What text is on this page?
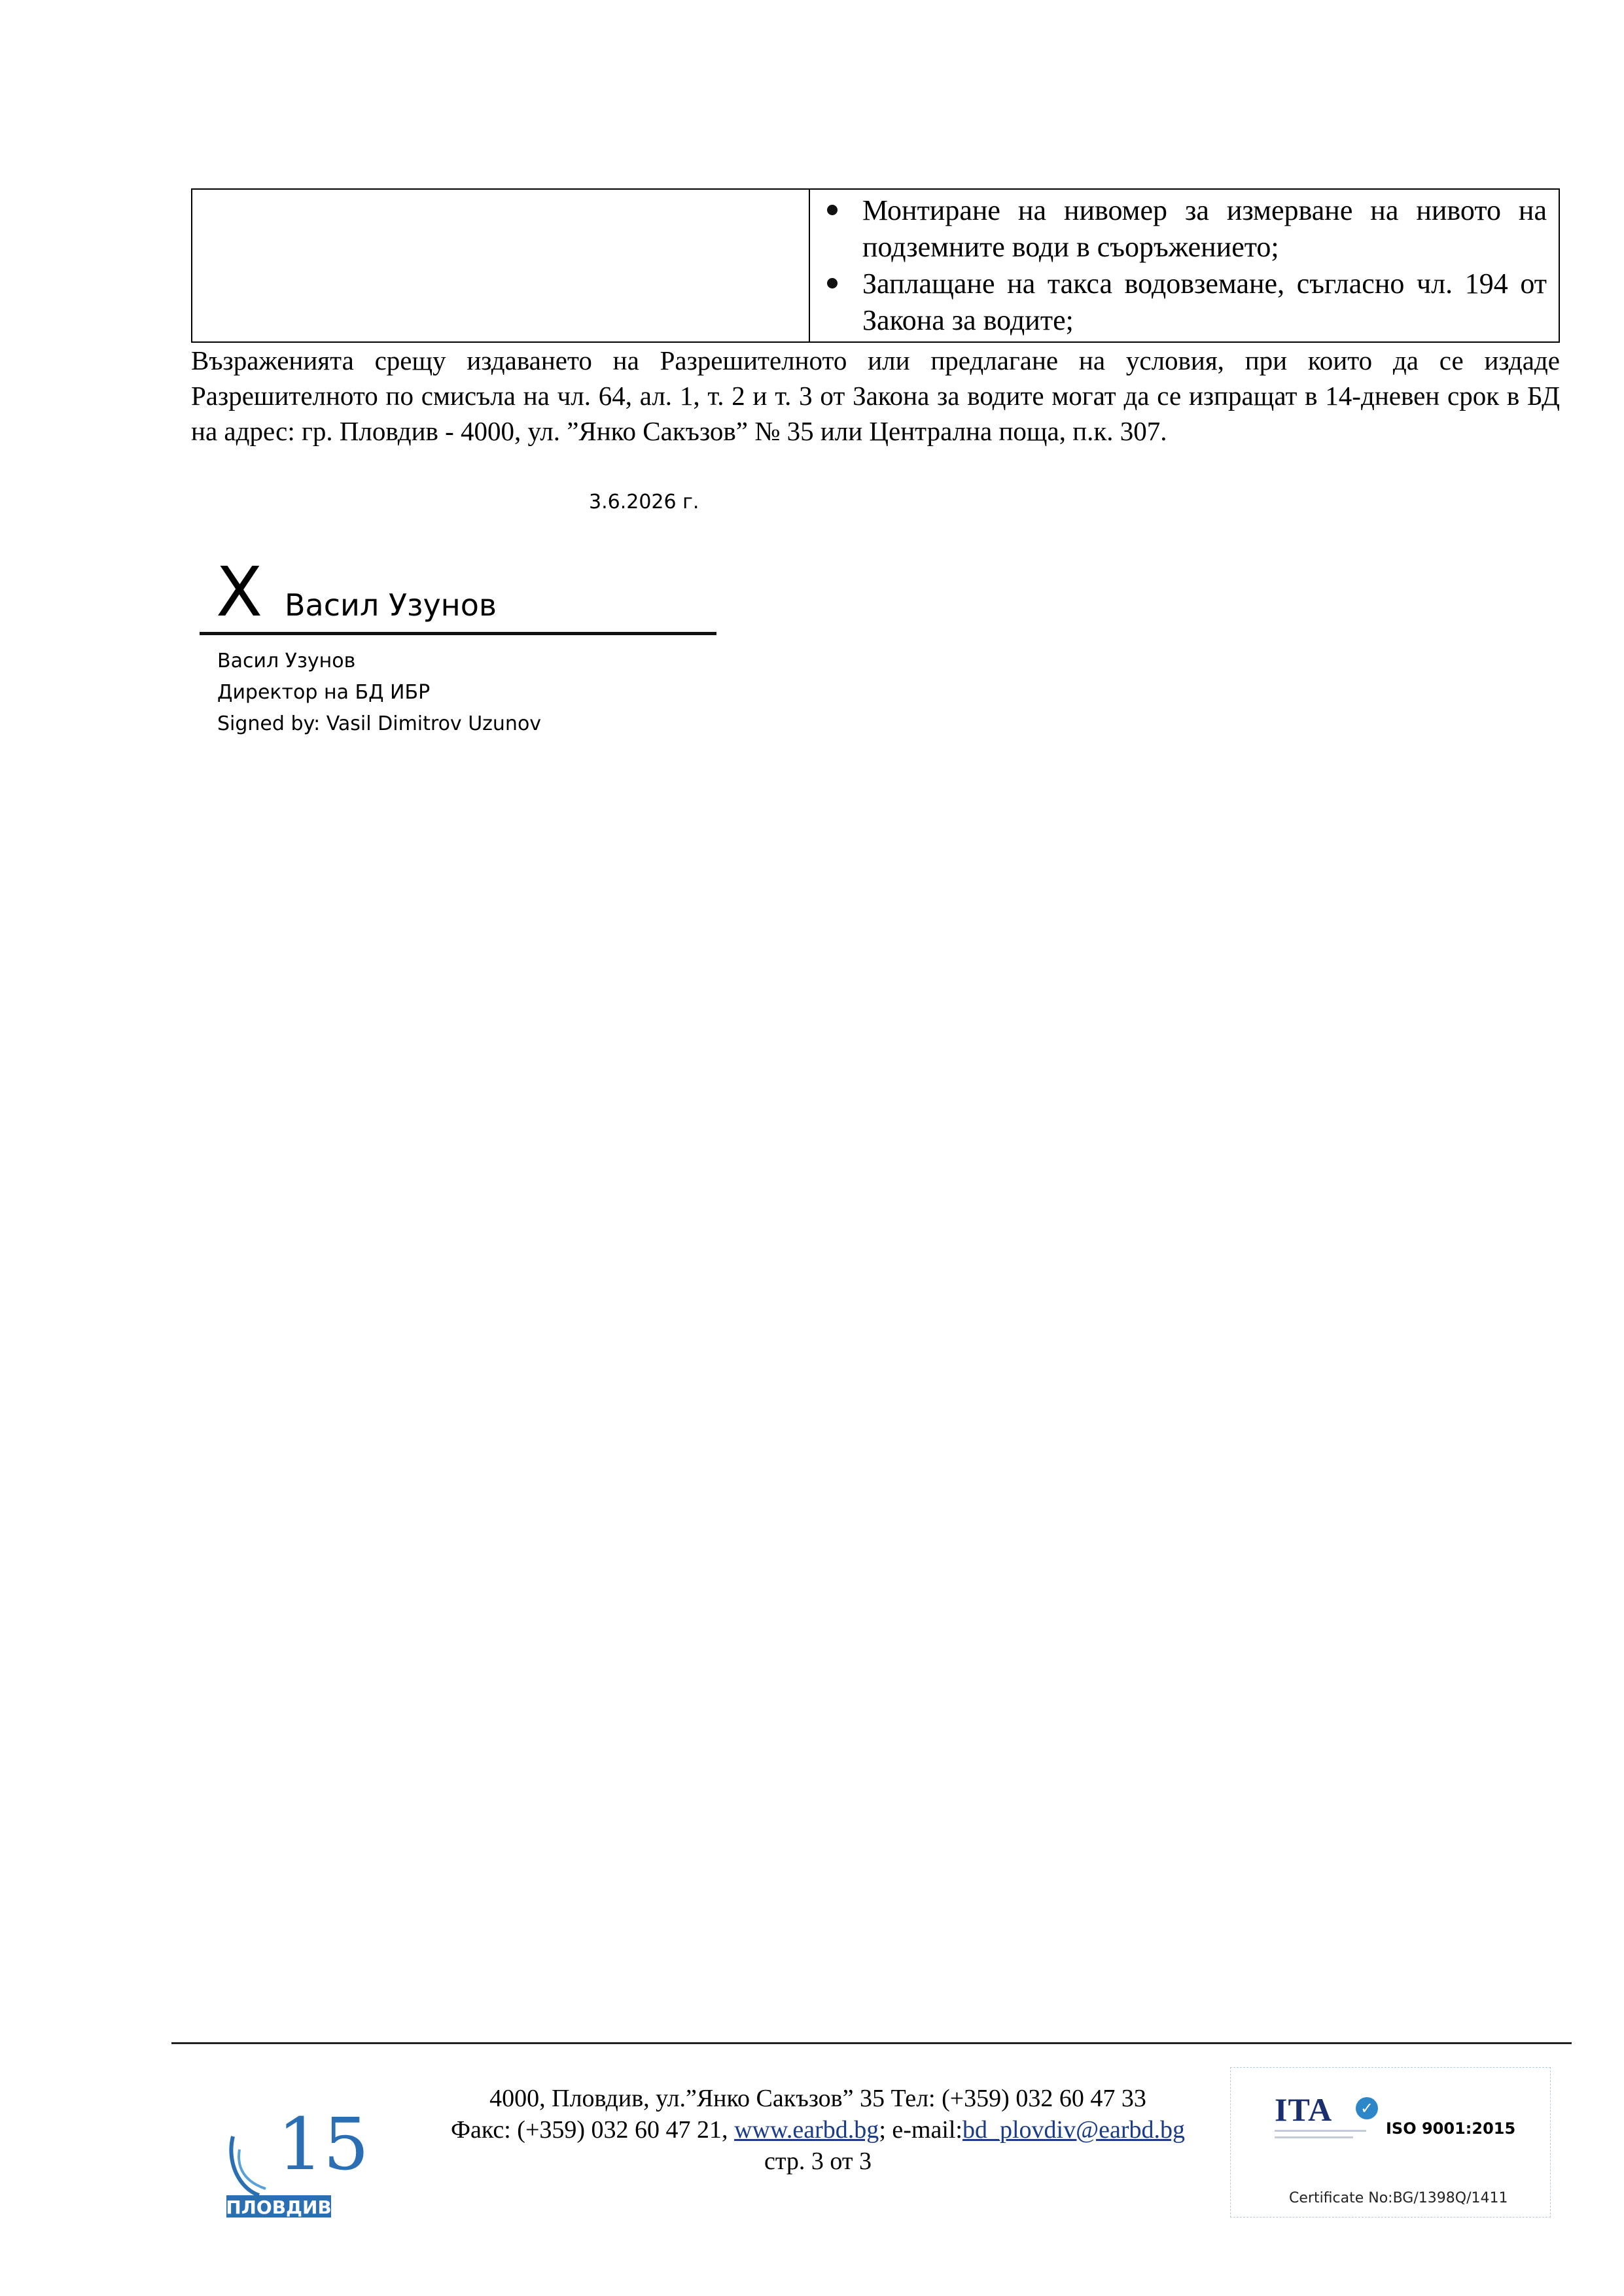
Монтиране на нивомер за измерване на нивото на подземните води в съоръжението;
Заплащане на такса водовземане, съгласно чл. 194 от Закона за водите;
Възраженията срещу издаването на Разрешителното или предлагане на условия, при които да се издаде Разрешителното по смисъла на чл. 64, ал. 1, т. 2 и т. 3 от Закона за водите могат да се изпращат в 14-дневен срок в БД на адрес: гр. Пловдив - 4000, ул. ”Янко Сакъзов” № 35 или Централна поща, п.к. 307.
3.6.2026 г.
X Васил Узунов
Васил Узунов
Директор на БД ИБР
Signed by: Vasil Dimitrov Uzunov
15
ПЛОВДИВ
4000, Пловдив, ул.”Янко Сакъзов” 35 Тел: (+359) 032 60 47 33
Факс: (+359) 032 60 47 21, www.earbd.bg; e-mail:bd_plovdiv@earbd.bg
стр. 3 от 3
ITA ✓
ISO 9001:2015
Certificate No:BG/1398Q/1411
